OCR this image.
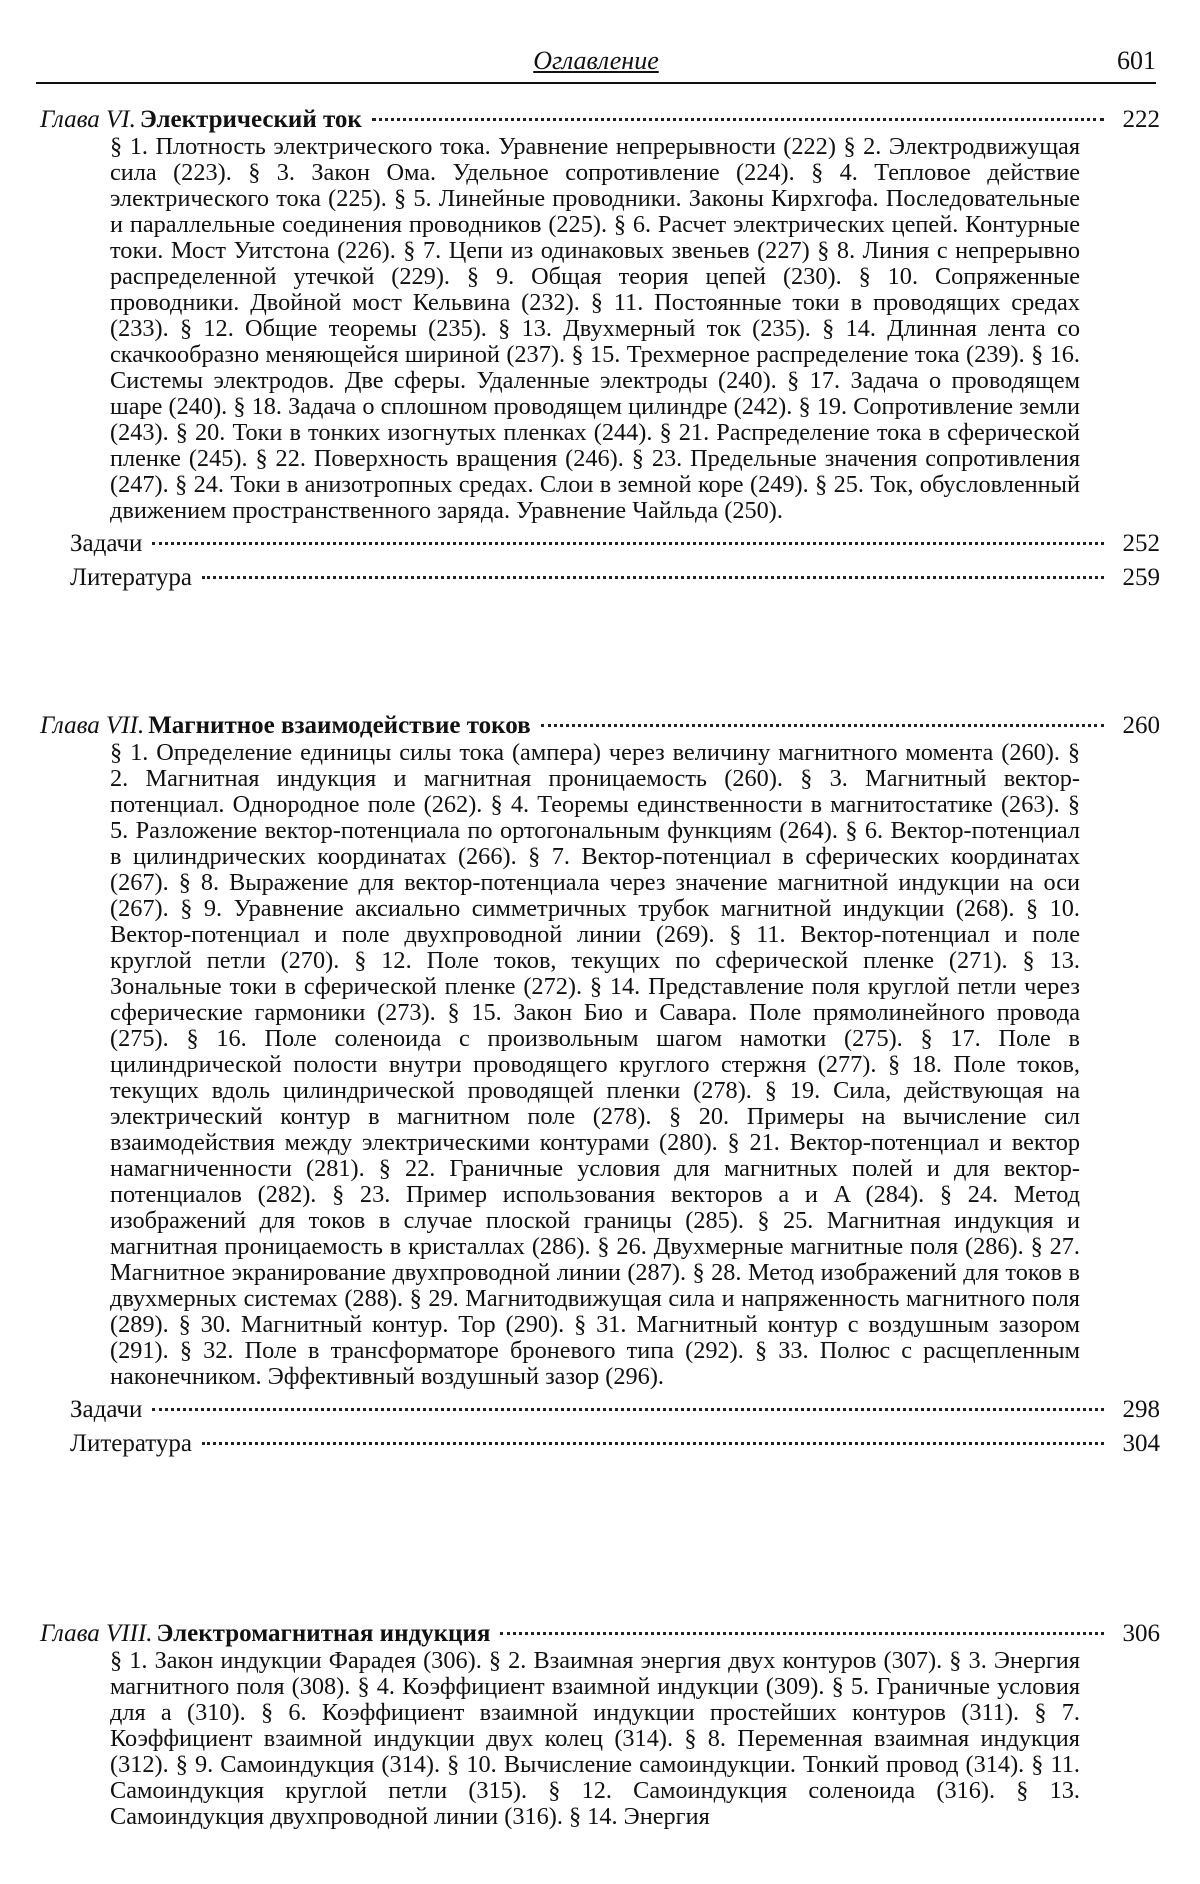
Оглавление	601
Глава VI. Электрический ток	222
§ 1. Плотность электрического тока. Уравнение непрерывности (222) § 2. Электродвижущая сила (223). § 3. Закон Ома. Удельное сопротивление (224). § 4. Тепловое действие электрического тока (225). § 5. Линейные проводники. Законы Кирхгофа. Последовательные и параллельные соединения проводников (225). § 6. Расчет электрических цепей. Контурные токи. Мост Уитстона (226). § 7. Цепи из одинаковых звеньев (227) § 8. Линия с непрерывно распределенной утечкой (229). § 9. Общая теория цепей (230). § 10. Сопряженные проводники. Двойной мост Кельвина (232). § 11. Постоянные токи в проводящих средах (233). § 12. Общие теоремы (235). § 13. Двухмерный ток (235). § 14. Длинная лента со скачкообразно меняющейся шириной (237). § 15. Трехмерное распределение тока (239). § 16. Системы электродов. Две сферы. Удаленные электроды (240). § 17. Задача о проводящем шаре (240). § 18. Задача о сплошном проводящем цилиндре (242). § 19. Сопротивление земли (243). § 20. Токи в тонких изогнутых пленках (244). § 21. Распределение тока в сферической пленке (245). § 22. Поверхность вращения (246). § 23. Предельные значения сопротивления (247). § 24. Токи в анизотропных средах. Слои в земной коре (249). § 25. Ток, обусловленный движением пространственного заряда. Уравнение Чайльда (250).
Задачи	252
Литература	259
Глава VII. Магнитное взаимодействие токов	260
§ 1. Определение единицы силы тока (ампера) через величину магнитного момента (260). § 2. Магнитная индукция и магнитная проницаемость (260). § 3. Магнитный вектор-потенциал. Однородное поле (262). § 4. Теоремы единственности в магнитостатике (263). § 5. Разложение вектор-потенциала по ортогональным функциям (264). § 6. Вектор-потенциал в цилиндрических координатах (266). § 7. Вектор-потенциал в сферических координатах (267). § 8. Выражение для вектор-потенциала через значение магнитной индукции на оси (267). § 9. Уравнение аксиально симметричных трубок магнитной индукции (268). § 10. Вектор-потенциал и поле двухпроводной линии (269). § 11. Вектор-потенциал и поле круглой петли (270). § 12. Поле токов, текущих по сферической пленке (271). § 13. Зональные токи в сферической пленке (272). § 14. Представление поля круглой петли через сферические гармоники (273). § 15. Закон Био и Савара. Поле прямолинейного провода (275). § 16. Поле соленоида с произвольным шагом намотки (275). § 17. Поле в цилиндрической полости внутри проводящего круглого стержня (277). § 18. Поле токов, текущих вдоль цилиндрической проводящей пленки (278). § 19. Сила, действующая на электрический контур в магнитном поле (278). § 20. Примеры на вычисление сил взаимодействия между электрическими контурами (280). § 21. Вектор-потенциал и вектор намагниченности (281). § 22. Граничные условия для магнитных полей и для вектор-потенциалов (282). § 23. Пример использования векторов a и A (284). § 24. Метод изображений для токов в случае плоской границы (285). § 25. Магнитная индукция и магнитная проницаемость в кристаллах (286). § 26. Двухмерные магнитные поля (286). § 27. Магнитное экранирование двухпроводной линии (287). § 28. Метод изображений для токов в двухмерных системах (288). § 29. Магнитодвижущая сила и напряженность магнитного поля (289). § 30. Магнитный контур. Тор (290). § 31. Магнитный контур с воздушным зазором (291). § 32. Поле в трансформаторе броневого типа (292). § 33. Полюс с расщепленным наконечником. Эффективный воздушный зазор (296).
Задачи	298
Литература	304
Глава VIII. Электромагнитная индукция	306
§ 1. Закон индукции Фарадея (306). § 2. Взаимная энергия двух контуров (307). § 3. Энергия магнитного поля (308). § 4. Коэффициент взаимной индукции (309). § 5. Граничные условия для a (310). § 6. Коэффициент взаимной индукции простейших контуров (311). § 7. Коэффициент взаимной индукции двух колец (314). § 8. Переменная взаимная индукция (312). § 9. Самоиндукция (314). § 10. Вычисление самоиндукции. Тонкий провод (314). § 11. Самоиндукция круглой петли (315). § 12. Самоиндукция соленоида (316). § 13. Самоиндукция двухпроводной линии (316). § 14. Энергия
